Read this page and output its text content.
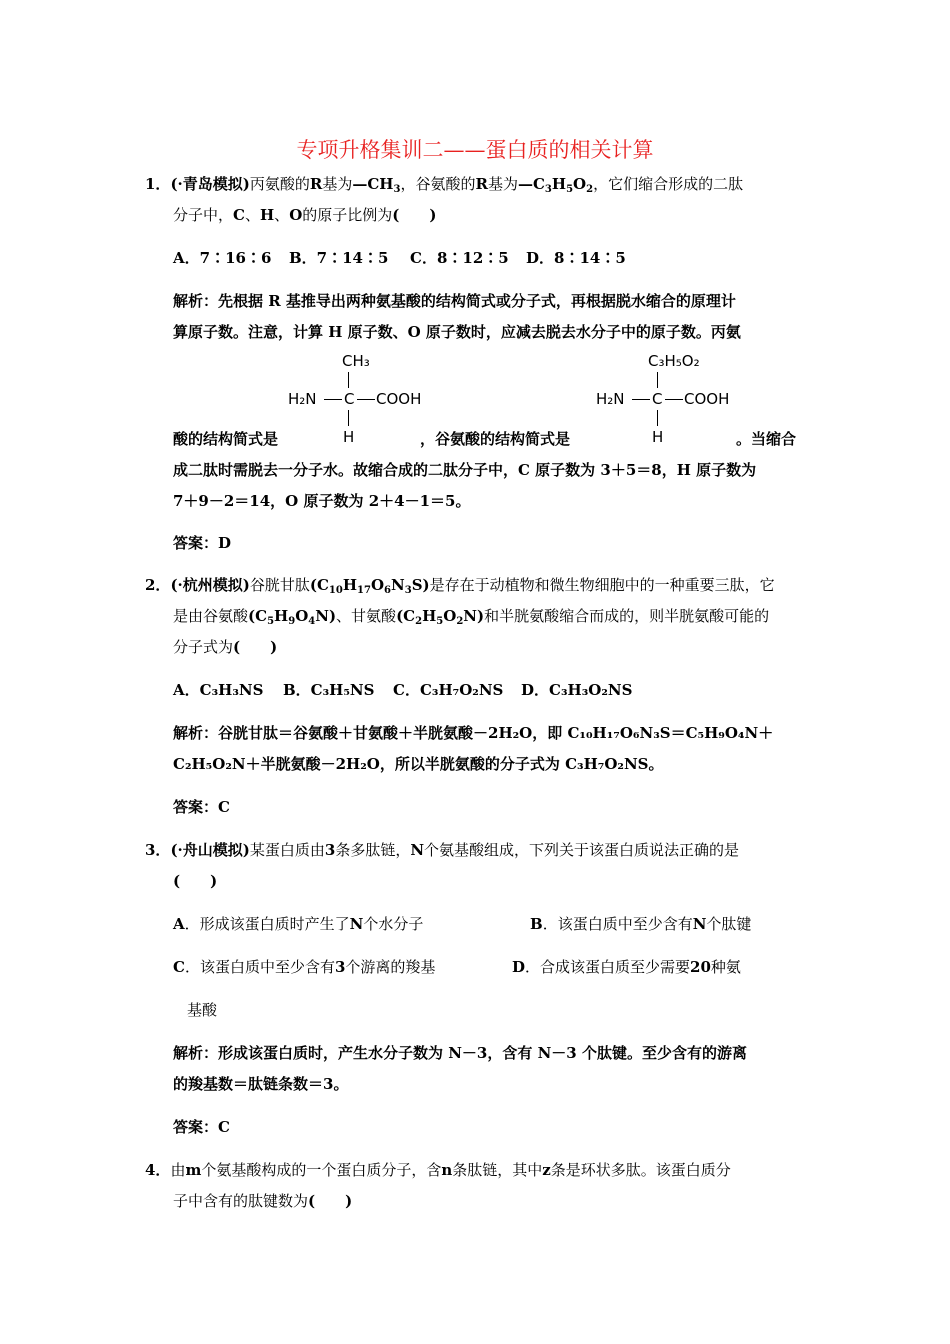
专项升格集训二——蛋白质的相关计算
1．(·青岛模拟)丙氨酸的R基为$—CH_3$，谷氨酸的R基为$—C_3H_5O_2$，它们缩合形成的二肽
分子中，C、H、O的原子比例为(　　)
A．7∶16∶6 B．7∶14∶5 C．8∶12∶5 D．8∶14∶5
解析：先根据 R 基推导出两种氨基酸的结构简式或分子式，再根据脱水缩合的原理计
算原子数。注意，计算 H 原子数、O 原子数时，应减去脱去水分子中的原子数。丙氨
CH₃
H₂N C COOH
H
C₃H₅O₂
H₂N C COOH
H
酸的结构简式是	，谷氨酸的结构简式是	。当缩合
成二肽时需脱去一分子水。故缩合成的二肽分子中，C 原子数为 3＋5＝8，H 原子数为
7＋9－2＝14，O 原子数为 2＋4－1＝5。
答案：D
2．(·杭州模拟)谷胱甘肽$(C_{10}H_{17}O_6N_3S)$是存在于动植物和微生物细胞中的一种重要三肽，它
是由谷氨酸$(C_5H_9O_4N)$、甘氨酸$(C_2H_5O_2N)$和半胱氨酸缩合而成的，则半胱氨酸可能的
分子式为(　　)
A．C₃H₃NS B．C₃H₅NS C．C₃H₇O₂NS D．C₃H₃O₂NS
解析：谷胱甘肽＝谷氨酸＋甘氨酸＋半胱氨酸－2H₂O，即 C₁₀H₁₇O₆N₃S＝C₅H₉O₄N＋
C₂H₅O₂N＋半胱氨酸－2H₂O，所以半胱氨酸的分子式为 C₃H₇O₂NS。
答案：C
3．(·舟山模拟)某蛋白质由3条多肽链，N个氨基酸组成，下列关于该蛋白质说法正确的是
(　　)
A．形成该蛋白质时产生了N个水分子	B．该蛋白质中至少含有N个肽键
C．该蛋白质中至少含有3个游离的羧基	D．合成该蛋白质至少需要20种氨
基酸
解析：形成该蛋白质时，产生水分子数为 N－3，含有 N－3 个肽键。至少含有的游离
的羧基数＝肽链条数＝3。
答案：C
4．由m个氨基酸构成的一个蛋白质分子，含n条肽链，其中z条是环状多肽。该蛋白质分
子中含有的肽键数为(　　)
